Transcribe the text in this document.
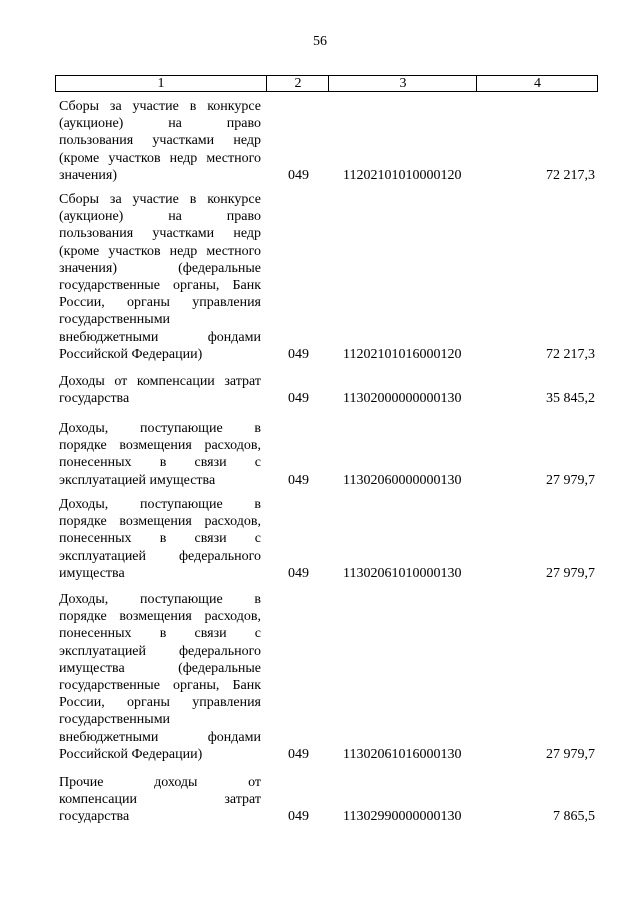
56
1	2	3	4
Сборы за участие в конкурсе
(аукционе) на право
пользования участками недр
(кроме участков недр местного
значения)	049	11202101010000120	72 217,3
Сборы за участие в конкурсе
(аукционе) на право
пользования участками недр
(кроме участков недр местного
значения) (федеральные
государственные органы, Банк
России, органы управления
государственными
внебюджетными фондами
Российской Федерации)	049	11202101016000120	72 217,3
Доходы от компенсации затрат
государства	049	11302000000000130	35 845,2
Доходы, поступающие в
порядке возмещения расходов,
понесенных в связи с
эксплуатацией имущества	049	11302060000000130	27 979,7
Доходы, поступающие в
порядке возмещения расходов,
понесенных в связи с
эксплуатацией федерального
имущества	049	11302061010000130	27 979,7
Доходы, поступающие в
порядке возмещения расходов,
понесенных в связи с
эксплуатацией федерального
имущества (федеральные
государственные органы, Банк
России, органы управления
государственными
внебюджетными фондами
Российской Федерации)	049	11302061016000130	27 979,7
Прочие доходы от
компенсации затрат
государства	049	11302990000000130	7 865,5
